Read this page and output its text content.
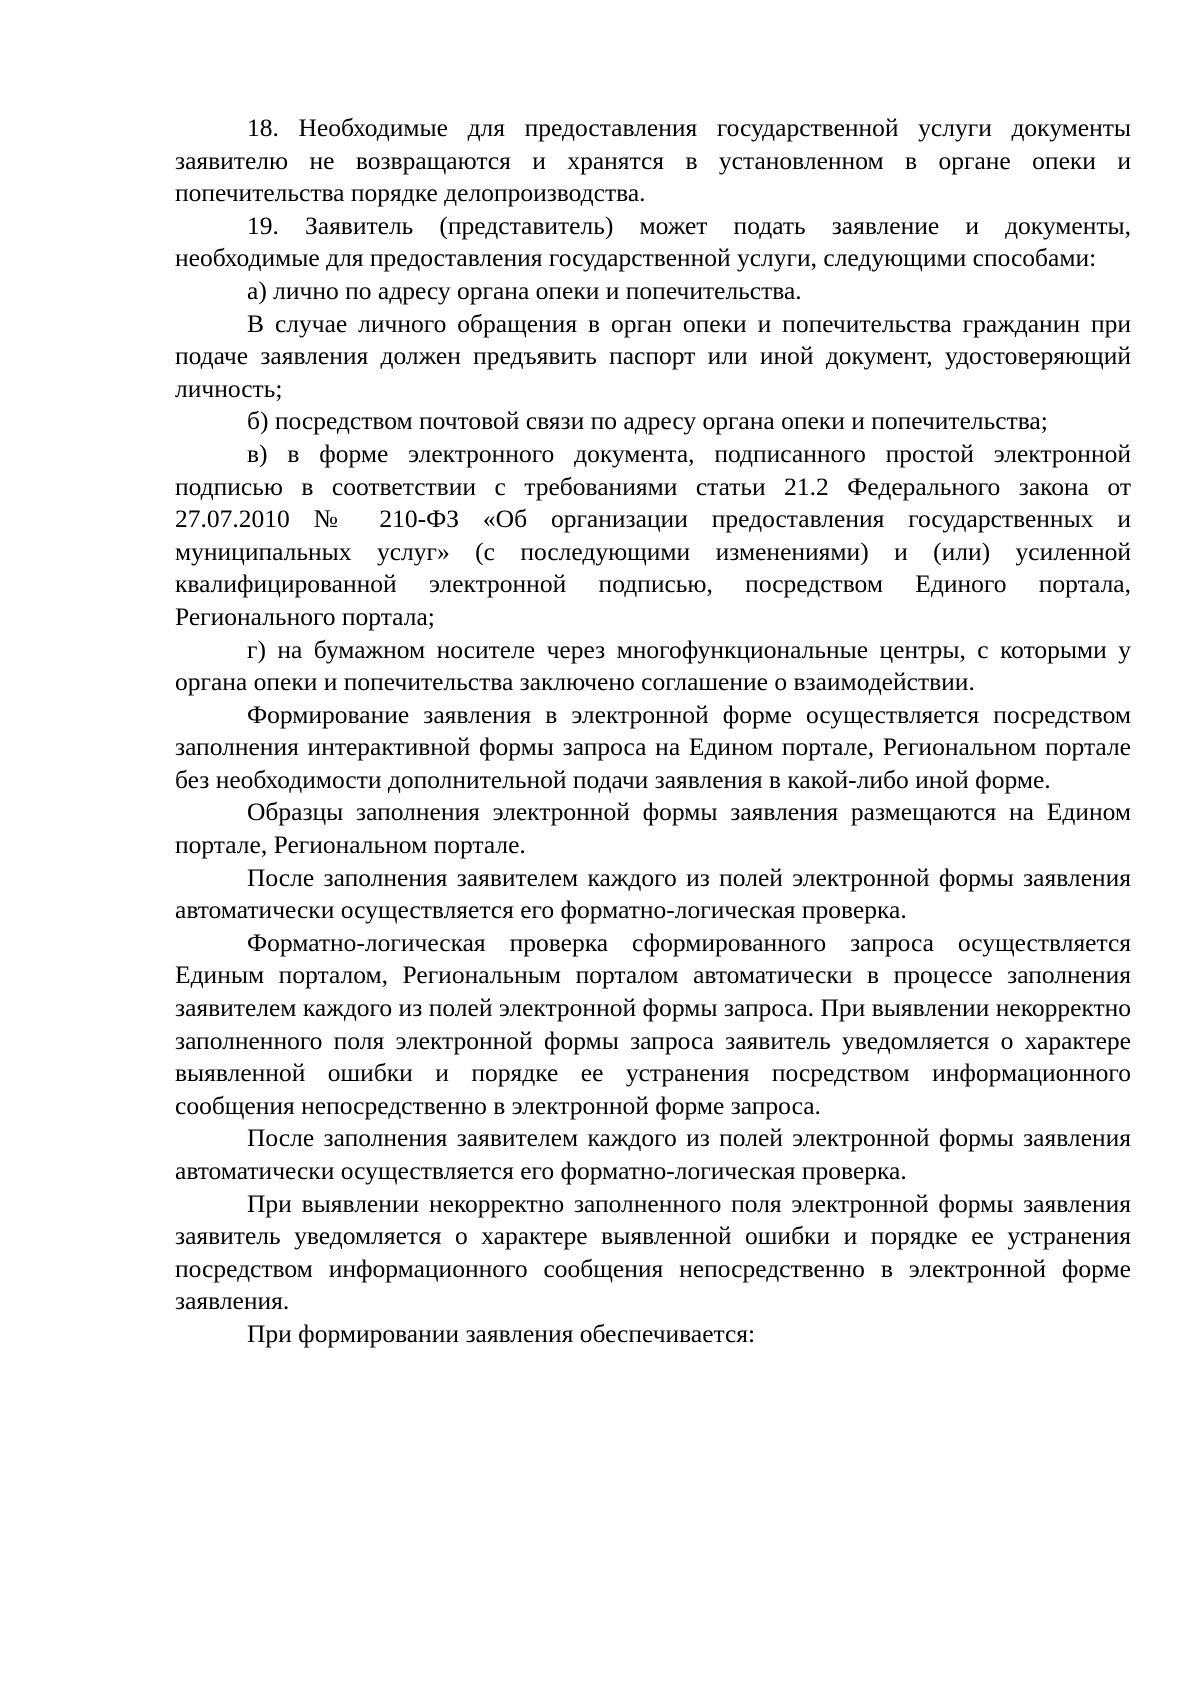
18. Необходимые для предоставления государственной услуги документы заявителю не возвращаются и хранятся в установленном в органе опеки и попечительства порядке делопроизводства.

19. Заявитель (представитель) может подать заявление и документы, необходимые для предоставления государственной услуги, следующими способами:

а) лично по адресу органа опеки и попечительства.

В случае личного обращения в орган опеки и попечительства гражданин при подаче заявления должен предъявить паспорт или иной документ, удостоверяющий личность;

б) посредством почтовой связи по адресу органа опеки и попечительства;

в) в форме электронного документа, подписанного простой электронной подписью в соответствии с требованиями статьи 21.2 Федерального закона от 27.07.2010 № 210-ФЗ «Об организации предоставления государственных и муниципальных услуг» (с последующими изменениями) и (или) усиленной квалифицированной электронной подписью, посредством Единого портала, Регионального портала;

г) на бумажном носителе через многофункциональные центры, с которыми у органа опеки и попечительства заключено соглашение о взаимодействии.

Формирование заявления в электронной форме осуществляется посредством заполнения интерактивной формы запроса на Едином портале, Региональном портале без необходимости дополнительной подачи заявления в какой-либо иной форме.

Образцы заполнения электронной формы заявления размещаются на Едином портале, Региональном портале.

После заполнения заявителем каждого из полей электронной формы заявления автоматически осуществляется его форматно-логическая проверка.

Форматно-логическая проверка сформированного запроса осуществляется Единым порталом, Региональным порталом автоматически в процессе заполнения заявителем каждого из полей электронной формы запроса. При выявлении некорректно заполненного поля электронной формы запроса заявитель уведомляется о характере выявленной ошибки и порядке ее устранения посредством информационного сообщения непосредственно в электронной форме запроса.

После заполнения заявителем каждого из полей электронной формы заявления автоматически осуществляется его форматно-логическая проверка.

При выявлении некорректно заполненного поля электронной формы заявления заявитель уведомляется о характере выявленной ошибки и порядке ее устранения посредством информационного сообщения непосредственно в электронной форме заявления.

При формировании заявления обеспечивается:
